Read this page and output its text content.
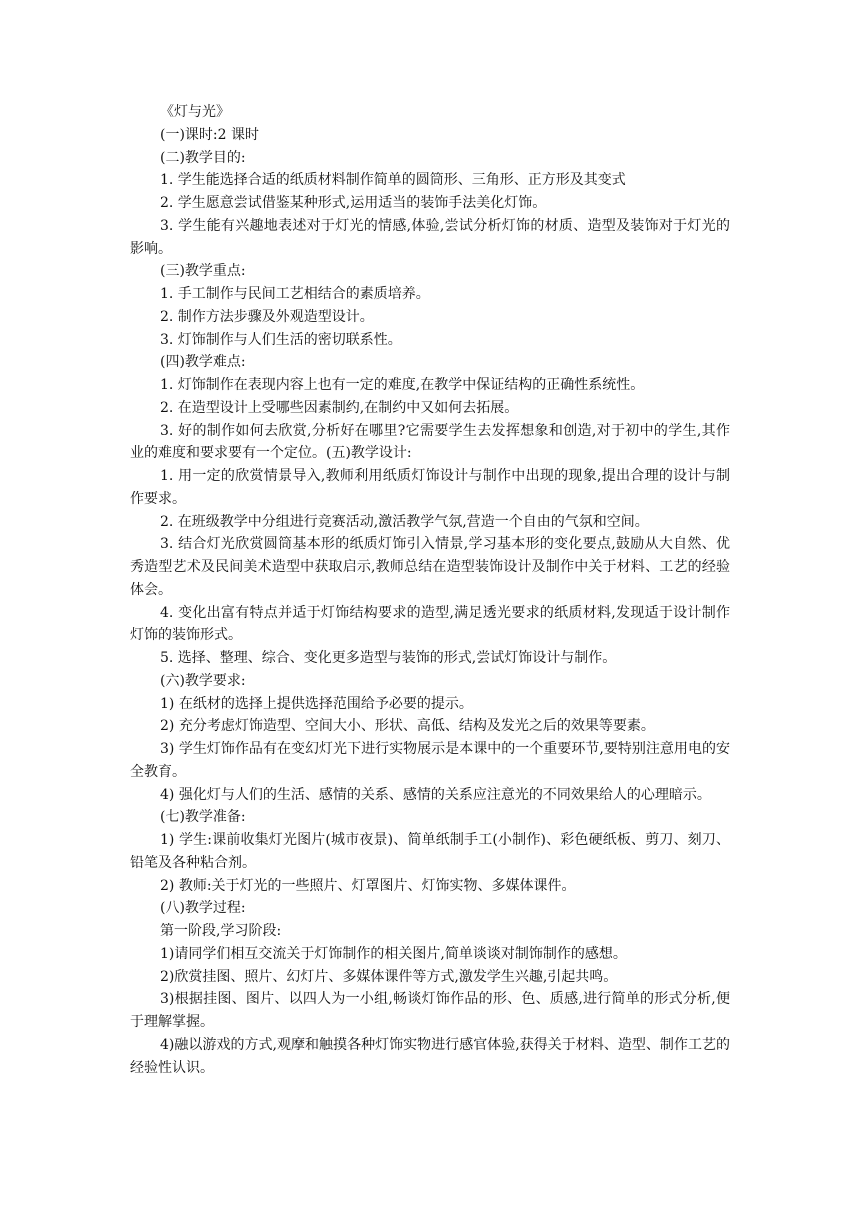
《灯与光》

(一)课时:2 课时

(二)教学目的:

1. 学生能选择合适的纸质材料制作简单的圆筒形、三角形、正方形及其变式

2. 学生愿意尝试借鉴某种形式,运用适当的装饰手法美化灯饰。

3. 学生能有兴趣地表述对于灯光的情感,体验,尝试分析灯饰的材质、造型及装饰对于灯光的影响。

(三)教学重点:

1. 手工制作与民间工艺相结合的素质培养。

2. 制作方法步骤及外观造型设计。

3. 灯饰制作与人们生活的密切联系性。

(四)教学难点:

1. 灯饰制作在表现内容上也有一定的难度,在教学中保证结构的正确性系统性。

2. 在造型设计上受哪些因素制约,在制约中又如何去拓展。

3. 好的制作如何去欣赏,分析好在哪里?它需要学生去发挥想象和创造,对于初中的学生,其作业的难度和要求要有一个定位。(五)教学设计:

1. 用一定的欣赏情景导入,教师利用纸质灯饰设计与制作中出现的现象,提出合理的设计与制作要求。

2. 在班级教学中分组进行竞赛活动,激活教学气氛,营造一个自由的气氛和空间。

3. 结合灯光欣赏圆筒基本形的纸质灯饰引入情景,学习基本形的变化要点,鼓励从大自然、优秀造型艺术及民间美术造型中获取启示,教师总结在造型装饰设计及制作中关于材料、工艺的经验体会。

4. 变化出富有特点并适于灯饰结构要求的造型,满足透光要求的纸质材料,发现适于设计制作灯饰的装饰形式。

5. 选择、整理、综合、变化更多造型与装饰的形式,尝试灯饰设计与制作。

(六)教学要求:

1) 在纸材的选择上提供选择范围给予必要的提示。

2) 充分考虑灯饰造型、空间大小、形状、高低、结构及发光之后的效果等要素。

3) 学生灯饰作品有在变幻灯光下进行实物展示是本课中的一个重要环节,要特别注意用电的安全教育。

4) 强化灯与人们的生活、感情的关系、感情的关系应注意光的不同效果给人的心理暗示。

(七)教学准备:

1) 学生:课前收集灯光图片(城市夜景)、简单纸制手工(小制作)、彩色硬纸板、剪刀、刻刀、铅笔及各种粘合剂。

2) 教师:关于灯光的一些照片、灯罩图片、灯饰实物、多媒体课件。

(八)教学过程:

第一阶段,学习阶段:

1)请同学们相互交流关于灯饰制作的相关图片,简单谈谈对制饰制作的感想。

2)欣赏挂图、照片、幻灯片、多媒体课件等方式,激发学生兴趣,引起共鸣。

3)根据挂图、图片、以四人为一小组,畅谈灯饰作品的形、色、质感,进行简单的形式分析,便于理解掌握。

4)融以游戏的方式,观摩和触摸各种灯饰实物进行感官体验,获得关于材料、造型、制作工艺的经验性认识。
